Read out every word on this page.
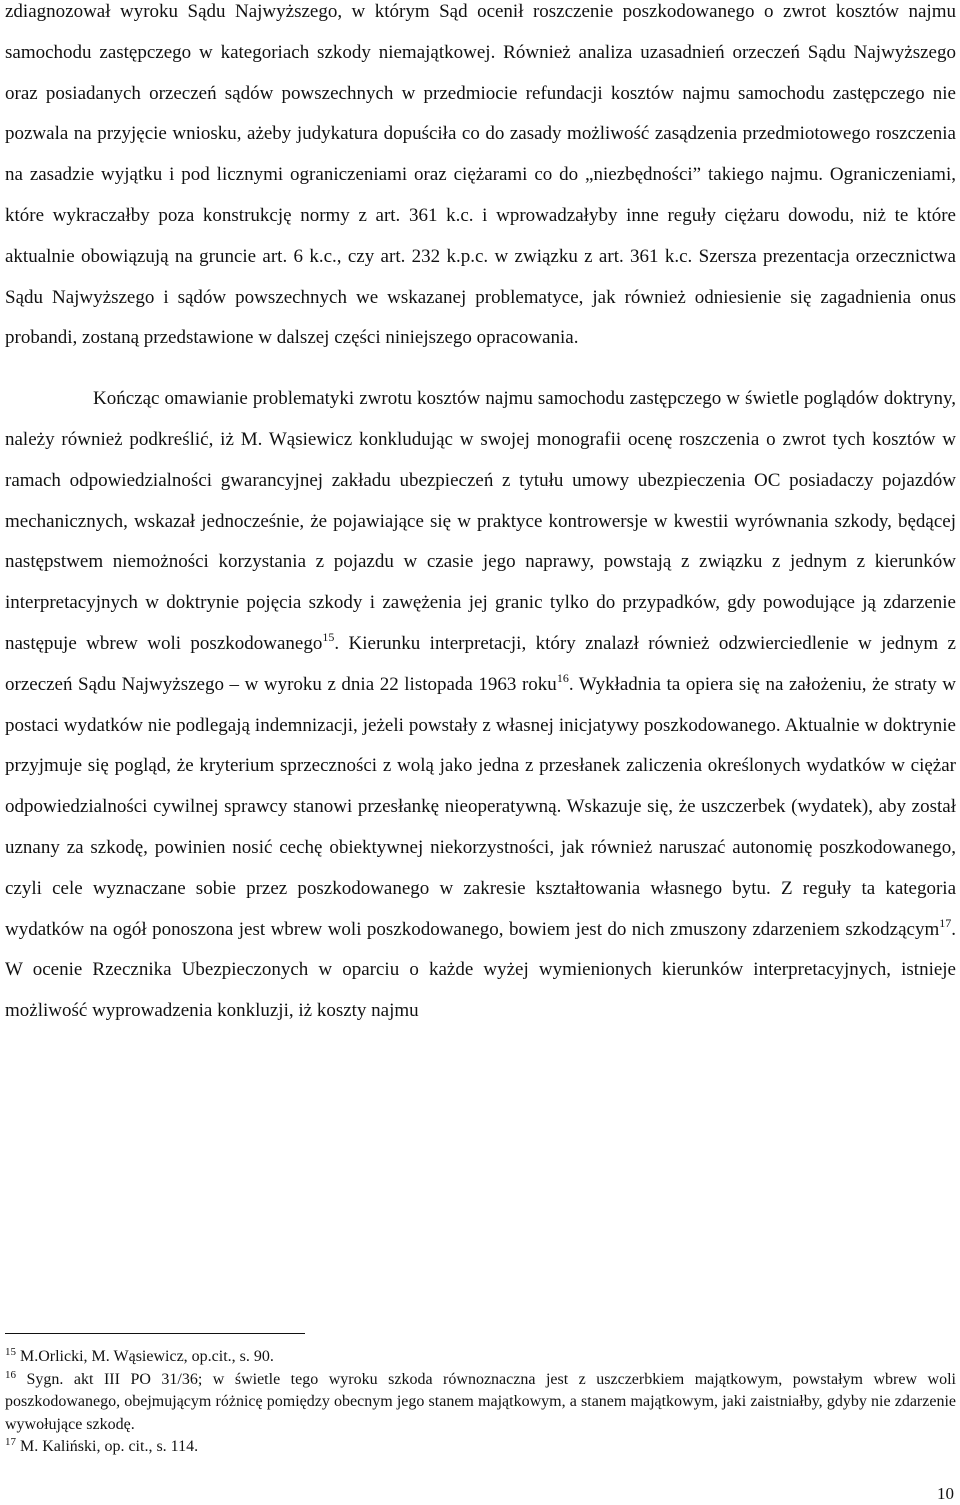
zdiagnozował wyroku Sądu Najwyższego, w którym Sąd ocenił roszczenie poszkodowanego o zwrot kosztów najmu samochodu zastępczego w kategoriach szkody niemajątkowej. Również analiza uzasadnień orzeczeń Sądu Najwyższego oraz posiadanych orzeczeń sądów powszechnych w przedmiocie refundacji kosztów najmu samochodu zastępczego nie pozwala na przyjęcie wniosku, ażeby judykatura dopuściła co do zasady możliwość zasądzenia przedmiotowego roszczenia na zasadzie wyjątku i pod licznymi ograniczeniami oraz ciężarami co do „niezbędności” takiego najmu. Ograniczeniami, które wykraczałby poza konstrukcję normy z art. 361 k.c. i wprowadzałyby inne reguły ciężaru dowodu, niż te które aktualnie obowiązują na gruncie art. 6 k.c., czy art. 232 k.p.c. w związku z art. 361 k.c. Szersza prezentacja orzecznictwa Sądu Najwyższego i sądów powszechnych we wskazanej problematyce, jak również odniesienie się zagadnienia onus probandi, zostaną przedstawione w dalszej części niniejszego opracowania.

Kończąc omawianie problematyki zwrotu kosztów najmu samochodu zastępczego w świetle poglądów doktryny, należy również podkreślić, iż M. Wąsiewicz konkludując w swojej monografii ocenę roszczenia o zwrot tych kosztów w ramach odpowiedzialności gwarancyjnej zakładu ubezpieczeń z tytułu umowy ubezpieczenia OC posiadaczy pojazdów mechanicznych, wskazał jednocześnie, że pojawiające się w praktyce kontrowersje w kwestii wyrównania szkody, będącej następstwem niemożności korzystania z pojazdu w czasie jego naprawy, powstają z związku z jednym z kierunków interpretacyjnych w doktrynie pojęcia szkody i zawężenia jej granic tylko do przypadków, gdy powodujące ją zdarzenie następuje wbrew woli poszkodowanego$^{15}$. Kierunku interpretacji, który znalazł również odzwierciedlenie w jednym z orzeczeń Sądu Najwyższego – w wyroku z dnia 22 listopada 1963 roku$^{16}$. Wykładnia ta opiera się na założeniu, że straty w postaci wydatków nie podlegają indemnizacji, jeżeli powstały z własnej inicjatywy poszkodowanego. Aktualnie w doktrynie przyjmuje się pogląd, że kryterium sprzeczności z wolą jako jedna z przesłanek zaliczenia określonych wydatków w ciężar odpowiedzialności cywilnej sprawcy stanowi przesłankę nieoperatywną. Wskazuje się, że uszczerbek (wydatek), aby został uznany za szkodę, powinien nosić cechę obiektywnej niekorzystności, jak również naruszać autonomię poszkodowanego, czyli cele wyznaczane sobie przez poszkodowanego w zakresie kształtowania własnego bytu. Z reguły ta kategoria wydatków na ogół ponoszona jest wbrew woli poszkodowanego, bowiem jest do nich zmuszony zdarzeniem szkodzącym$^{17}$. W ocenie Rzecznika Ubezpieczonych w oparciu o każde wyżej wymienionych kierunków interpretacyjnych, istnieje możliwość wyprowadzenia konkluzji, iż koszty najmu

$^{15}$ M.Orlicki, M. Wąsiewicz, op.cit., s. 90.

$^{16}$ Sygn. akt III PO 31/36; w świetle tego wyroku szkoda równoznaczna jest z uszczerbkiem majątkowym, powstałym wbrew woli poszkodowanego, obejmującym różnicę pomiędzy obecnym jego stanem majątkowym, a stanem majątkowym, jaki zaistniałby, gdyby nie zdarzenie wywołujące szkodę.

$^{17}$ M. Kaliński, op. cit., s. 114.

10
